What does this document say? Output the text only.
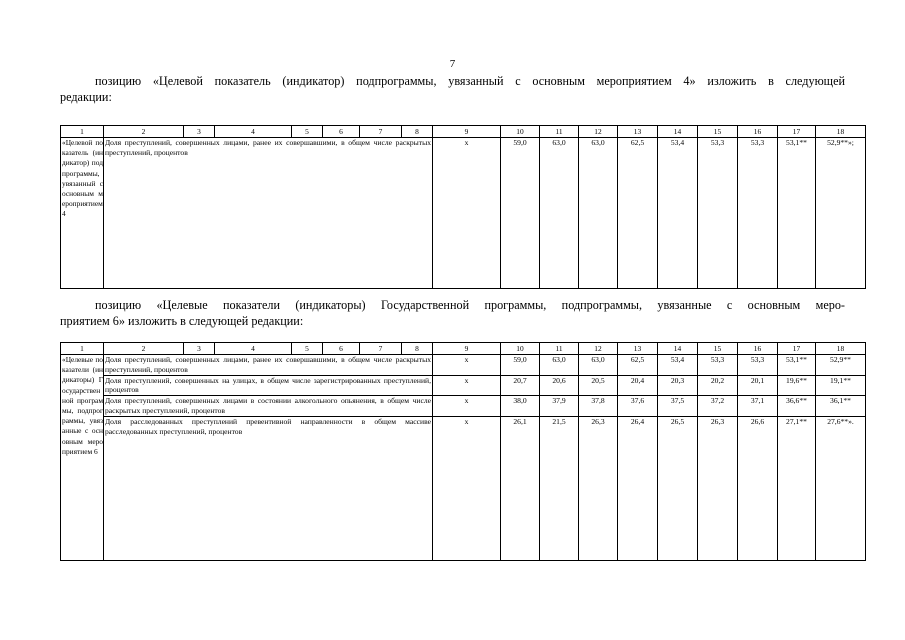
7
позицию «Целевой показатель (индикатор) подпрограммы, увязанный с основным мероприятием 4» изложить в следующей
редакции:
1	2	3	4	5	6	7	8	9	10	11	12	13	14	15	16	17	18
«Целевой показатель (индикатор) подпрограммы, увязанный с основным мероприятием 4	Доля преступлений, совершенных лицами, ранее их совершавшими, в общем числе раскрытых преступлений, процентов							х	59,0	63,0	63,0	62,5	53,4	53,3	53,3	53,1**	52,9**»;
позицию «Целевые показатели (индикаторы) Государственной программы, подпрограммы, увязанные с основным меро-
приятием 6» изложить в следующей редакции:
1	2	3	4	5	6	7	8	9	10	11	12	13	14	15	16	17	18
«Целевые показатели (индикаторы) Государственной программы, подпрограммы, увязанные с основным мероприятием 6	Доля преступлений, совершенных лицами, ранее их совершавшими, в общем числе раскрытых преступлений, процентов							х	59,0	63,0	63,0	62,5	53,4	53,3	53,3	53,1**	52,9**
	Доля преступлений, совершенных на улицах, в общем числе зарегистрированных преступлений, процентов							х	20,7	20,6	20,5	20,4	20,3	20,2	20,1	19,6**	19,1**
	Доля преступлений, совершенных лицами в состоянии алкогольного опьянения, в общем числе раскрытых преступлений, процентов							х	38,0	37,9	37,8	37,6	37,5	37,2	37,1	36,6**	36,1**
	Доля расследованных преступлений превентивной направленности в общем массиве расследованных преступлений, процентов							х	26,1	21,5	26,3	26,4	26,5	26,3	26,6	27,1**	27,6**».
